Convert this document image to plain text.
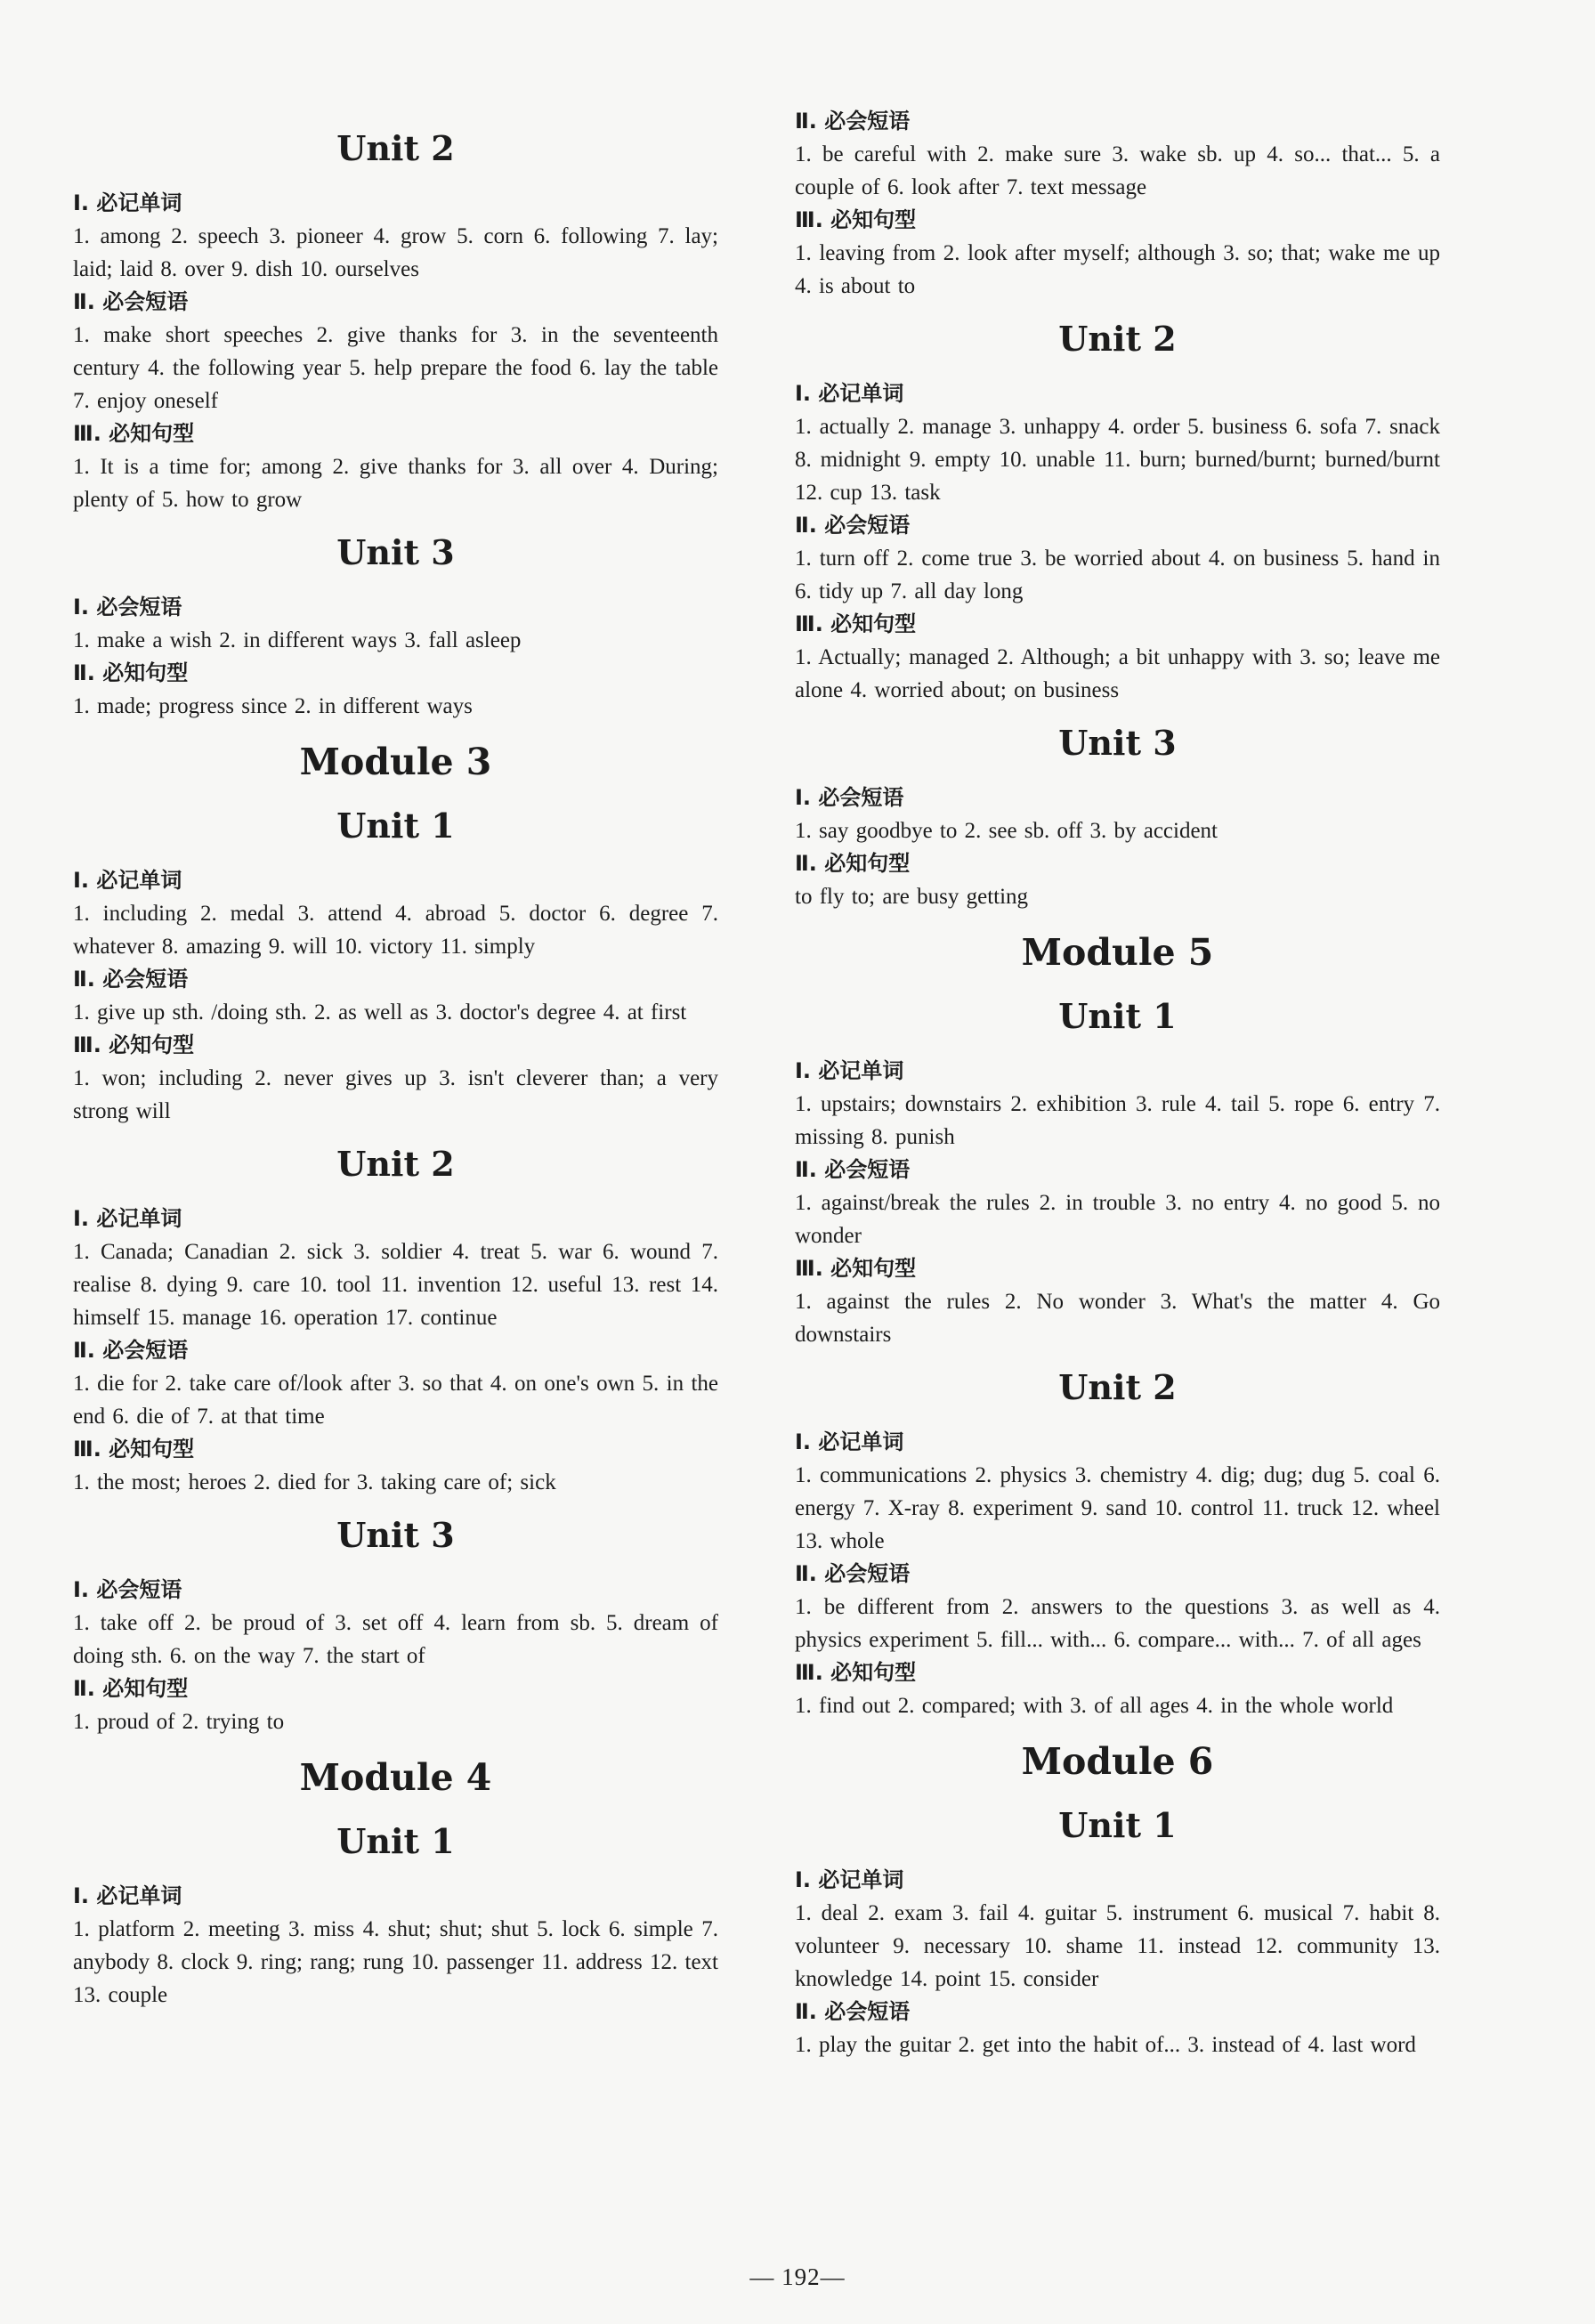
Unit 2
Ⅰ. 必记单词
1. among 2. speech 3. pioneer 4. grow 5. corn 6. following 7. lay; laid; laid 8. over 9. dish 10. ourselves
Ⅱ. 必会短语
1. make short speeches 2. give thanks for 3. in the seventeenth century 4. the following year 5. help prepare the food 6. lay the table 7. enjoy oneself
Ⅲ. 必知句型
1. It is a time for; among 2. give thanks for 3. all over 4. During; plenty of 5. how to grow
Unit 3
Ⅰ. 必会短语
1. make a wish 2. in different ways 3. fall asleep
Ⅱ. 必知句型
1. made; progress since 2. in different ways
Module 3
Unit 1
Ⅰ. 必记单词
1. including 2. medal 3. attend 4. abroad 5. doctor 6. degree 7. whatever 8. amazing 9. will 10. victory 11. simply
Ⅱ. 必会短语
1. give up sth. /doing sth. 2. as well as 3. doctor's degree 4. at first
Ⅲ. 必知句型
1. won; including 2. never gives up 3. isn't cleverer than; a very strong will
Unit 2
Ⅰ. 必记单词
1. Canada; Canadian 2. sick 3. soldier 4. treat 5. war 6. wound 7. realise 8. dying 9. care 10. tool 11. invention 12. useful 13. rest 14. himself 15. manage 16. operation 17. continue
Ⅱ. 必会短语
1. die for 2. take care of/look after 3. so that 4. on one's own 5. in the end 6. die of 7. at that time
Ⅲ. 必知句型
1. the most; heroes 2. died for 3. taking care of; sick
Unit 3
Ⅰ. 必会短语
1. take off 2. be proud of 3. set off 4. learn from sb. 5. dream of doing sth. 6. on the way 7. the start of
Ⅱ. 必知句型
1. proud of 2. trying to
Module 4
Unit 1
Ⅰ. 必记单词
1. platform 2. meeting 3. miss 4. shut; shut; shut 5. lock 6. simple 7. anybody 8. clock 9. ring; rang; rung 10. passenger 11. address 12. text 13. couple
Ⅱ. 必会短语
1. be careful with 2. make sure 3. wake sb. up 4. so... that... 5. a couple of 6. look after 7. text message
Ⅲ. 必知句型
1. leaving from 2. look after myself; although 3. so; that; wake me up 4. is about to
Unit 2
Ⅰ. 必记单词
1. actually 2. manage 3. unhappy 4. order 5. business 6. sofa 7. snack 8. midnight 9. empty 10. unable 11. burn; burned/burnt; burned/burnt 12. cup 13. task
Ⅱ. 必会短语
1. turn off 2. come true 3. be worried about 4. on business 5. hand in 6. tidy up 7. all day long
Ⅲ. 必知句型
1. Actually; managed 2. Although; a bit unhappy with 3. so; leave me alone 4. worried about; on business
Unit 3
Ⅰ. 必会短语
1. say goodbye to 2. see sb. off 3. by accident
Ⅱ. 必知句型
to fly to; are busy getting
Module 5
Unit 1
Ⅰ. 必记单词
1. upstairs; downstairs 2. exhibition 3. rule 4. tail 5. rope 6. entry 7. missing 8. punish
Ⅱ. 必会短语
1. against/break the rules 2. in trouble 3. no entry 4. no good 5. no wonder
Ⅲ. 必知句型
1. against the rules 2. No wonder 3. What's the matter 4. Go downstairs
Unit 2
Ⅰ. 必记单词
1. communications 2. physics 3. chemistry 4. dig; dug; dug 5. coal 6. energy 7. X-ray 8. experiment 9. sand 10. control 11. truck 12. wheel 13. whole
Ⅱ. 必会短语
1. be different from 2. answers to the questions 3. as well as 4. physics experiment 5. fill... with... 6. compare... with... 7. of all ages
Ⅲ. 必知句型
1. find out 2. compared; with 3. of all ages 4. in the whole world
Module 6
Unit 1
Ⅰ. 必记单词
1. deal 2. exam 3. fail 4. guitar 5. instrument 6. musical 7. habit 8. volunteer 9. necessary 10. shame 11. instead 12. community 13. knowledge 14. point 15. consider
Ⅱ. 必会短语
1. play the guitar 2. get into the habit of... 3. instead of 4. last word
— 192—
